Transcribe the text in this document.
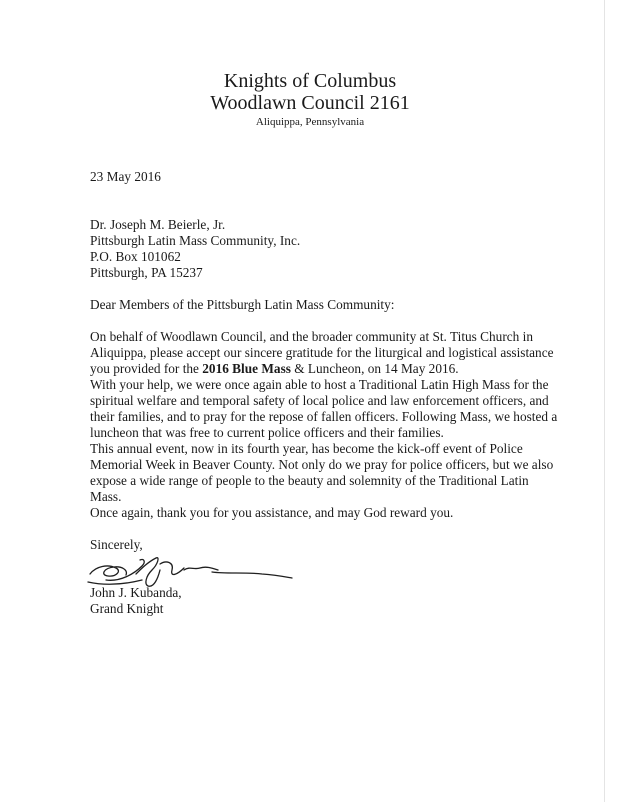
Knights of Columbus
Woodlawn Council 2161
Aliquippa, Pennsylvania
23 May 2016
Dr. Joseph M. Beierle, Jr.
Pittsburgh Latin Mass Community, Inc.
P.O. Box 101062
Pittsburgh, PA 15237
Dear Members of the Pittsburgh Latin Mass Community:
On behalf of Woodlawn Council, and the broader community at St. Titus Church in Aliquippa, please accept our sincere gratitude for the liturgical and logistical assistance you provided for the 2016 Blue Mass & Luncheon, on 14 May 2016.
With your help, we were once again able to host a Traditional Latin High Mass for the spiritual welfare and temporal safety of local police and law enforcement officers, and their families, and to pray for the repose of fallen officers. Following Mass, we hosted a luncheon that was free to current police officers and their families.
This annual event, now in its fourth year, has become the kick-off event of Police Memorial Week in Beaver County. Not only do we pray for police officers, but we also expose a wide range of people to the beauty and solemnity of the Traditional Latin Mass.
Once again, thank you for you assistance, and may God reward you.
Sincerely,
John J. Kubanda,
Grand Knight
